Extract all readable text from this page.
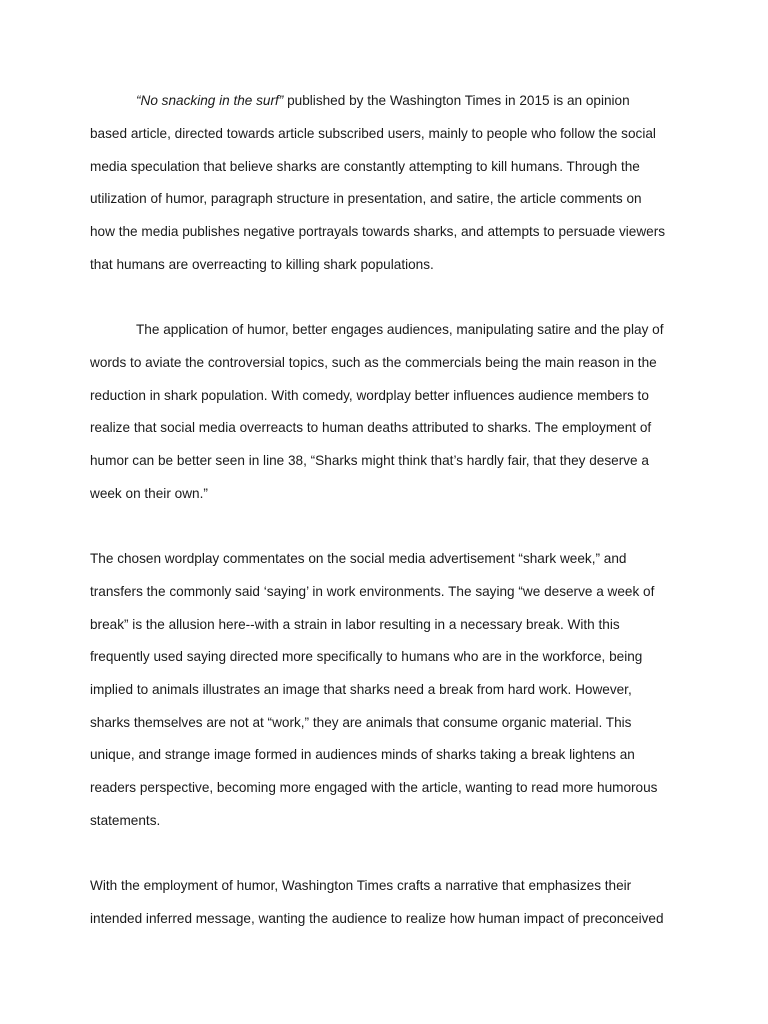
“No snacking in the surf” published by the Washington Times in 2015 is an opinion

based article, directed towards article subscribed users, mainly to people who follow the social

media speculation that believe sharks are constantly attempting to kill humans. Through the

utilization of humor, paragraph structure in presentation, and satire, the article comments on

how the media publishes negative portrayals towards sharks, and attempts to persuade viewers

that humans are overreacting to killing shark populations.

The application of humor, better engages audiences, manipulating satire and the play of

words to aviate the controversial topics, such as the commercials being the main reason in the

reduction in shark population. With comedy, wordplay better influences audience members to

realize that social media overreacts to human deaths attributed to sharks. The employment of

humor can be better seen in line 38, “Sharks might think that’s hardly fair, that they deserve a

week on their own.”

The chosen wordplay commentates on the social media advertisement “shark week,” and

transfers the commonly said ‘saying’ in work environments. The saying “we deserve a week of

break” is the allusion here--with a strain in labor resulting in a necessary break. With this

frequently used saying directed more specifically to humans who are in the workforce, being

implied to animals illustrates an image that sharks need a break from hard work. However,

sharks themselves are not at “work,” they are animals that consume organic material. This

unique, and strange image formed in audiences minds of sharks taking a break lightens an

readers perspective, becoming more engaged with the article, wanting to read more humorous

statements.

With the employment of humor, Washington Times crafts a narrative that emphasizes their

intended inferred message, wanting the audience to realize how human impact of preconceived
